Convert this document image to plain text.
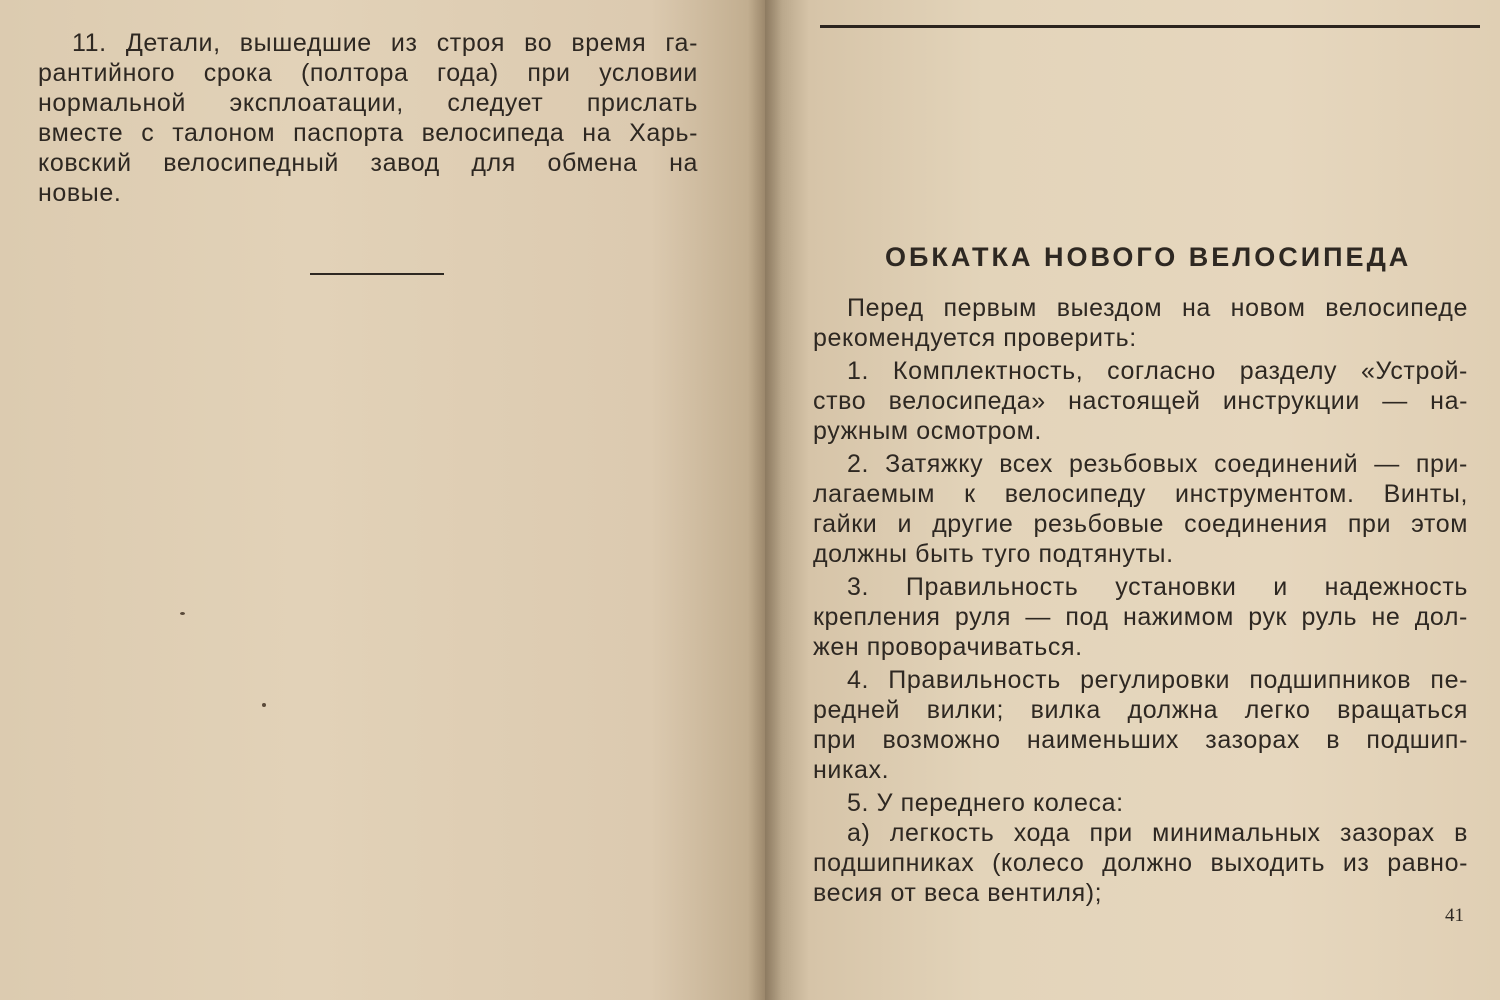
11. Детали, вышедшие из строя во время га-
рантийного срока (полтора года) при условии
нормальной эксплоатации, следует прислать
вместе с талоном паспорта велосипеда на Харь-
ковский велосипедный завод для обмена на
новые.
ОБКАТКА НОВОГО ВЕЛОСИПЕДА
Перед первым выездом на новом велосипеде
рекомендуется проверить:
1. Комплектность, согласно разделу «Устрой-
ство велосипеда» настоящей инструкции — на-
ружным осмотром.
2. Затяжку всех резьбовых соединений — при-
лагаемым к велосипеду инструментом. Винты,
гайки и другие резьбовые соединения при этом
должны быть туго подтянуты.
3. Правильность установки и надежность
крепления руля — под нажимом рук руль не дол-
жен проворачиваться.
4. Правильность регулировки подшипников пе-
редней вилки; вилка должна легко вращаться
при возможно наименьших зазорах в подшип-
никах.
5. У переднего колеса:
а) легкость хода при минимальных зазорах в
подшипниках (колесо должно выходить из равно-
весия от веса вентиля);
41
